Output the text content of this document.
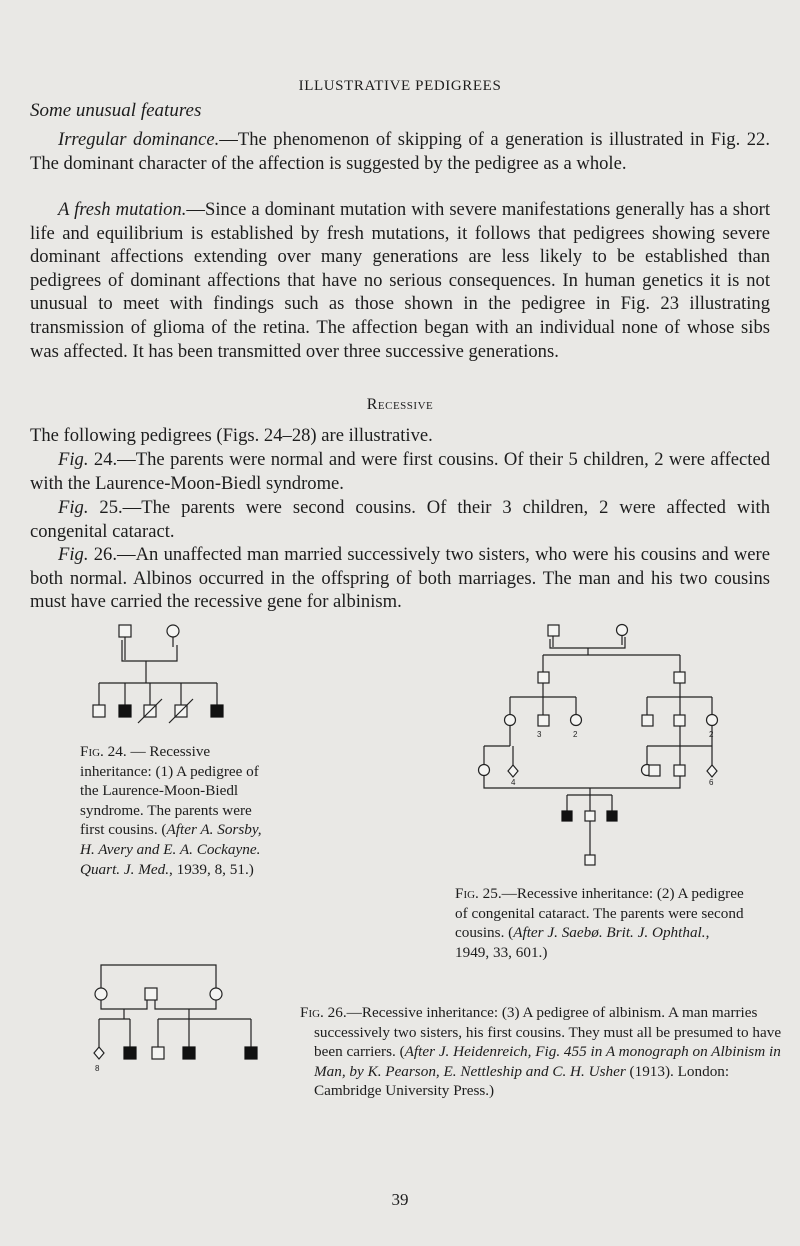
ILLUSTRATIVE PEDIGREES
Some unusual features
Irregular dominance.—The phenomenon of skipping of a generation is illustrated in Fig. 22. The dominant character of the affection is suggested by the pedigree as a whole.
A fresh mutation.—Since a dominant mutation with severe manifestations generally has a short life and equilibrium is established by fresh mutations, it follows that pedigrees showing severe dominant affections extending over many generations are less likely to be established than pedigrees of dominant affections that have no serious consequences. In human genetics it is not unusual to meet with findings such as those shown in the pedigree in Fig. 23 illustrating transmission of glioma of the retina. The affection began with an individual none of whose sibs was affected. It has been transmitted over three successive generations.
Recessive
The following pedigrees (Figs. 24–28) are illustrative.
Fig. 24.—The parents were normal and were first cousins. Of their 5 children, 2 were affected with the Laurence-Moon-Biedl syndrome.
Fig. 25.—The parents were second cousins. Of their 3 children, 2 were affected with congenital cataract.
Fig. 26.—An unaffected man married successively two sisters, who were his cousins and were both normal. Albinos occurred in the offspring of both marriages. The man and his two cousins must have carried the recessive gene for albinism.
Fig. 24. — Recessive inheritance: (1) A pedigree of the Laurence-Moon-Biedl syndrome. The parents were first cousins. (After A. Sorsby, H. Avery and E. A. Cockayne. Quart. J. Med., 1939, 8, 51.)
3	2	2
4	6
Fig. 25.—Recessive inheritance: (2) A pedigree of congenital cataract. The parents were second cousins. (After J. Saebø. Brit. J. Ophthal., 1949, 33, 601.)
8
Fig. 26.—Recessive inheritance: (3) A pedigree of albinism. A man marries successively two sisters, his first cousins. They must all be presumed to have been carriers. (After J. Heidenreich, Fig. 455 in A monograph on Albinism in Man, by K. Pearson, E. Nettleship and C. H. Usher (1913). London: Cambridge University Press.)
39
